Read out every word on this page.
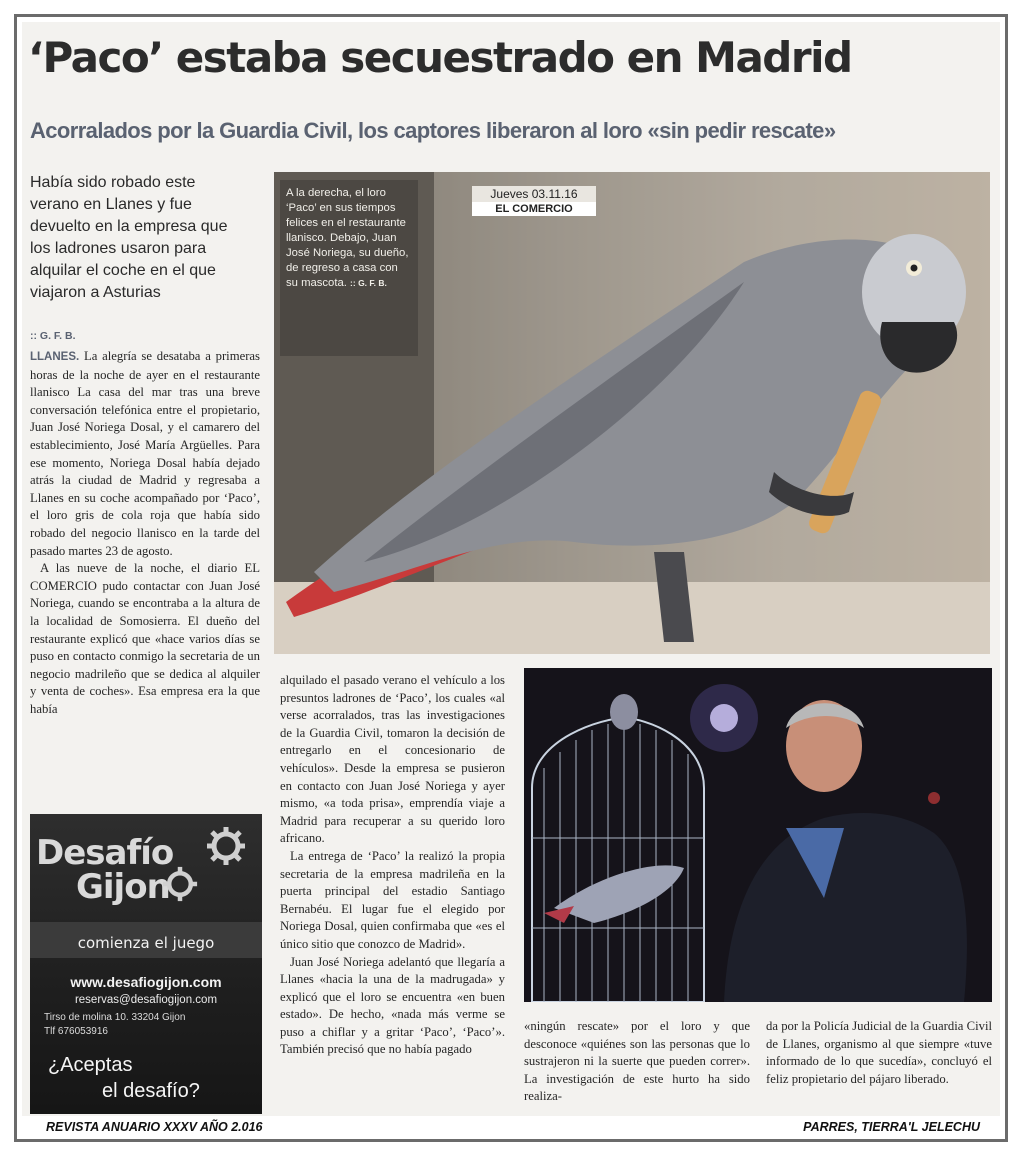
‘Paco’ estaba secuestrado en Madrid
Acorralados por la Guardia Civil, los captores liberaron al loro «sin pedir rescate»
Había sido robado este verano en Llanes y fue devuelto en la empresa que los ladrones usaron para alquilar el coche en el que viajaron a Asturias
:: G. F. B.

LLANES. La alegría se desataba a primeras horas de la noche de ayer en el restaurante llanisco La casa del mar tras una breve conversación telefónica entre el propietario, Juan José Noriega Dosal, y el camarero del establecimiento, José María Argüelles. Para ese momento, Noriega Dosal había dejado atrás la ciudad de Madrid y regresaba a Llanes en su coche acompañado por ‘Paco’, el loro gris de cola roja que había sido robado del negocio llanisco en la tarde del pasado martes 23 de agosto.

A las nueve de la noche, el diario EL COMERCIO pudo contactar con Juan José Noriega, cuando se encontraba a la altura de la localidad de Somosierra. El dueño del restaurante explicó que «hace varios días se puso en contacto conmigo la secretaria de un negocio madrileño que se dedica al alquiler y venta de coches». Esa empresa era la que había

A la derecha, el loro ‘Paco’ en sus tiempos felices en el restaurante llanisco. Debajo, Juan José Noriega, su dueño, de regreso a casa con su mascota. :: G. F. B.
Jueves 03.11.16
EL COMERCIO

alquilado el pasado verano el vehículo a los presuntos ladrones de ‘Paco’, los cuales «al verse acorralados, tras las investigaciones de la Guardia Civil, tomaron la decisión de entregarlo en el concesionario de vehículos». Desde la empresa se pusieron en contacto con Juan José Noriega y ayer mismo, «a toda prisa», emprendía viaje a Madrid para recuperar a su querido loro africano.

La entrega de ‘Paco’ la realizó la propia secretaria de la empresa madrileña en la puerta principal del estadio Santiago Bernabéu. El lugar fue el elegido por Noriega Dosal, quien confirmaba que «es el único sitio que conozco de Madrid».

Juan José Noriega adelantó que llegaría a Llanes «hacia la una de la madrugada» y explicó que el loro se encuentra «en buen estado». De hecho, «nada más verme se puso a chiflar y a gritar ‘Paco’, ‘Paco’». También precisó que no había pagado

«ningún rescate» por el loro y que desconoce «quiénes son las personas que lo sustrajeron ni la suerte que pueden correr». La investigación de este hurto ha sido realiza-

da por la Policía Judicial de la Guardia Civil de Llanes, organismo al que siempre «tuve informado de lo que sucedía», concluyó el feliz propietario del pájaro liberado.

Desafío
Gijon
comienza el juego
www.desafiogijon.com
reservas@desafiogijon.com
Tirso de molina 10. 33204 Gijon
Tlf 676053916
¿Aceptas
el desafío?
REVISTA ANUARIO XXXV AÑO 2.016	PARRES, TIERRA'L JELECHU
